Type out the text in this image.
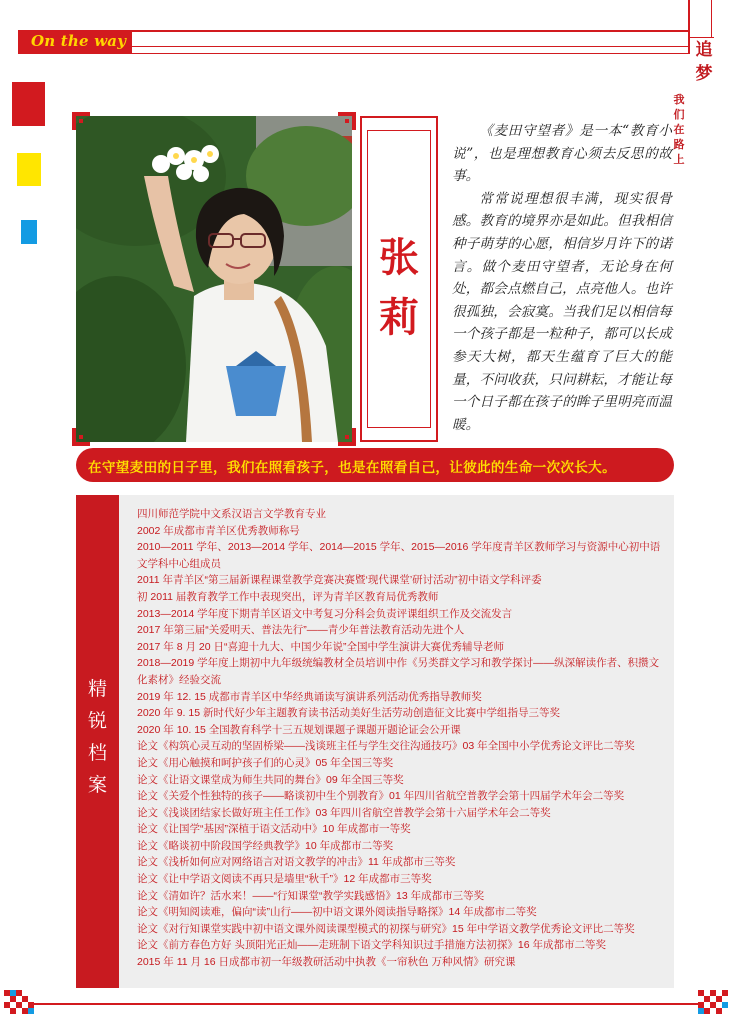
On the way	追
梦
我们在路上
张
莉

《麦田守望者》是一本“教育小说”，也是理想教育心须去反思的故事。

常常说理想很丰满，现实很骨感。教育的境界亦是如此。但我相信种子萌芽的心愿，相信岁月许下的诺言。做个麦田守望者，无论身在何处，都会点燃自己，点亮他人。也许很孤独，会寂寞。当我们足以相信每一个孩子都是一粒种子，都可以长成参天大树，都天生蕴育了巨大的能量，不问收获，只问耕耘，才能让每一个日子都在孩子的眸子里明亮而温暖。

在守望麦田的日子里，我们在照看孩子，也是在照看自己，让彼此的生命一次次长大。
精
锐
档
案
四川师范学院中文系汉语言文学教育专业
2002 年成都市青羊区优秀教师称号
2010—2011 学年、2013—2014 学年、2014—2015 学年、2015—2016 学年度青羊区教师学习与资源中心初中语文学科中心组成员
2011 年青羊区“第三届新课程课堂教学竞赛决赛暨‘现代课堂’研讨活动”初中语文学科评委
初 2011 届教育教学工作中表现突出，评为青羊区教育局优秀教师
2013—2014 学年度下期青羊区语文中考复习分科会负责评课组织工作及交流发言
2017 年第三届“关爱明天、普法先行”——青少年普法教育活动先进个人
2017 年 8 月 20 日“喜迎十九大、中国少年说”全国中学生演讲大赛优秀辅导老师
2018—2019 学年度上期初中九年级统编教材全员培训中作《另类群文学习和教学探讨——纵深解读作者、积攒文化素材》经验交流
2019 年 12. 15 成都市青羊区中华经典诵读写演讲系列活动优秀指导教师奖
2020 年 9. 15 新时代好少年主题教育读书活动美好生活劳动创造征文比赛中学组指导三等奖
2020 年 10. 15 全国教育科学十三五规划课题子课题开题论证会公开课
论文《构筑心灵互动的坚固桥梁——浅谈班主任与学生交往沟通技巧》03 年全国中小学优秀论文评比二等奖
论文《用心触摸和呵护孩子们的心灵》05 年全国三等奖
论文《让语文课堂成为师生共同的舞台》09 年全国三等奖
论文《关爱个性独特的孩子——略谈初中生个别教育》01 年四川省航空普教学会第十四届学术年会二等奖
论文《浅谈团结家长做好班主任工作》03 年四川省航空普教学会第十六届学术年会二等奖
论文《让国学“基因”深植于语文活动中》10 年成都市一等奖
论文《略谈初中阶段国学经典教学》10 年成都市二等奖
论文《浅析如何应对网络语言对语文教学的冲击》11 年成都市三等奖
论文《让中学语文阅读不再只是墙里“秋千”》12 年成都市三等奖
论文《清如许？活水来！——“行知课堂“教学实践感悟》13 年成都市三等奖
论文《明知阅读难，偏向“读”山行——初中语文课外阅读指导略探》14 年成都市二等奖
论文《对行知课堂实践中初中语文课外阅读课型模式的初探与研究》15 年中学语文教学优秀论文评比二等奖
论文《前方春色方好 头顶阳光正灿——走班制下语文学科知识过手措施方法初探》16 年成都市二等奖
2015 年 11 月 16 日成都市初一年级教研活动中执教《一帘秋色 万种风情》研究课
